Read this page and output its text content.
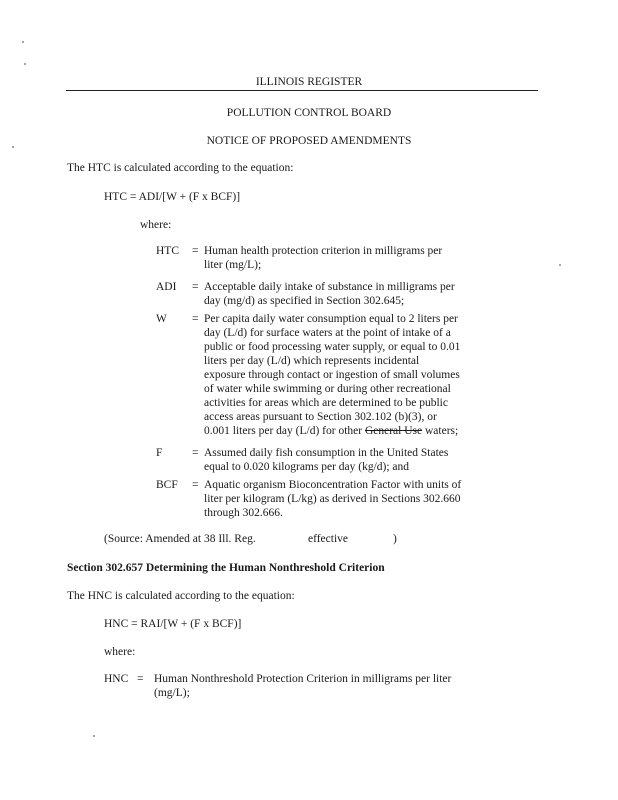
ILLINOIS REGISTER
POLLUTION CONTROL BOARD
NOTICE OF PROPOSED AMENDMENTS
The HTC is calculated according to the equation:
HTC = ADI/[W + (F x BCF)]
where:
HTC	= Human health protection criterion in milligrams per
liter (mg/L);
ADI	= Acceptable daily intake of substance in milligrams per
day (mg/d) as specified in Section 302.645;
W	= Per capita daily water consumption equal to 2 liters per
day (L/d) for surface waters at the point of intake of a
public or food processing water supply, or equal to 0.01
liters per day (L/d) which represents incidental
exposure through contact or ingestion of small volumes
of water while swimming or during other recreational
activities for areas which are determined to be public
access areas pursuant to Section 302.102 (b)(3), or
0.001 liters per day (L/d) for other General Use waters;
F	= Assumed daily fish consumption in the United States
equal to 0.020 kilograms per day (kg/d); and
BCF	= Aquatic organism Bioconcentration Factor with units of
liter per kilogram (L/kg) as derived in Sections 302.660
through 302.666.
(Source: Amended at 38 Ill. Reg.	effective	)
Section 302.657 Determining the Human Nonthreshold Criterion
The HNC is calculated according to the equation:
HNC = RAI/[W + (F x BCF)]
where:
HNC = Human Nonthreshold Protection Criterion in milligrams per liter
(mg/L);
